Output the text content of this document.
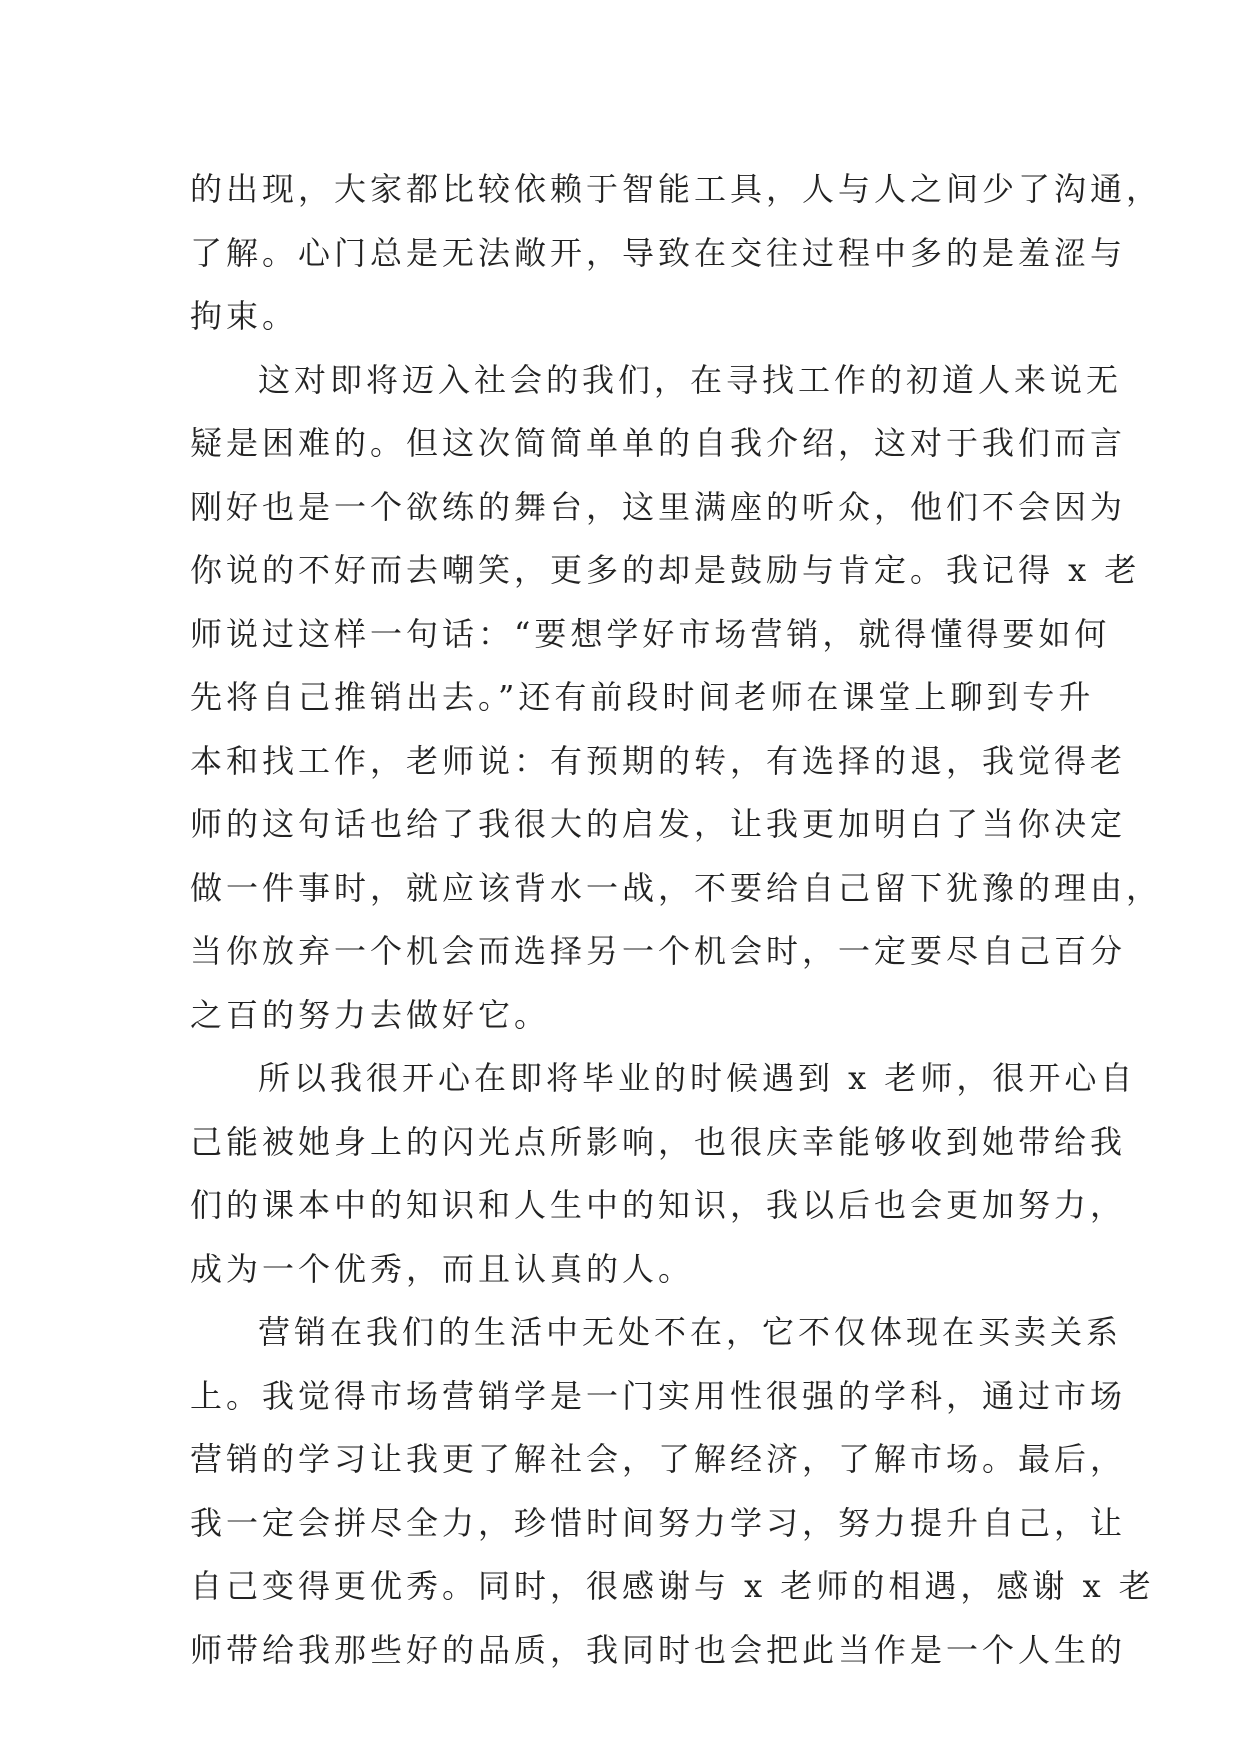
的出现，大家都比较依赖于智能工具，人与人之间少了沟通，
了解。心门总是无法敞开，导致在交往过程中多的是羞涩与
拘束。
这对即将迈入社会的我们，在寻找工作的初道人来说无
疑是困难的。但这次简简单单的自我介绍，这对于我们而言
刚好也是一个欲练的舞台，这里满座的听众，他们不会因为
你说的不好而去嘲笑，更多的却是鼓励与肯定。我记得 x 老
师说过这样一句话：“要想学好市场营销，就得懂得要如何
先将自己推销出去。”还有前段时间老师在课堂上聊到专升
本和找工作，老师说：有预期的转，有选择的退，我觉得老
师的这句话也给了我很大的启发，让我更加明白了当你决定
做一件事时，就应该背水一战，不要给自己留下犹豫的理由，
当你放弃一个机会而选择另一个机会时，一定要尽自己百分
之百的努力去做好它。
所以我很开心在即将毕业的时候遇到 x 老师，很开心自
己能被她身上的闪光点所影响，也很庆幸能够收到她带给我
们的课本中的知识和人生中的知识，我以后也会更加努力，
成为一个优秀，而且认真的人。
营销在我们的生活中无处不在，它不仅体现在买卖关系
上。我觉得市场营销学是一门实用性很强的学科，通过市场
营销的学习让我更了解社会，了解经济，了解市场。最后，
我一定会拼尽全力，珍惜时间努力学习，努力提升自己，让
自己变得更优秀。同时，很感谢与 x 老师的相遇，感谢 x 老
师带给我那些好的品质，我同时也会把此当作是一个人生的
